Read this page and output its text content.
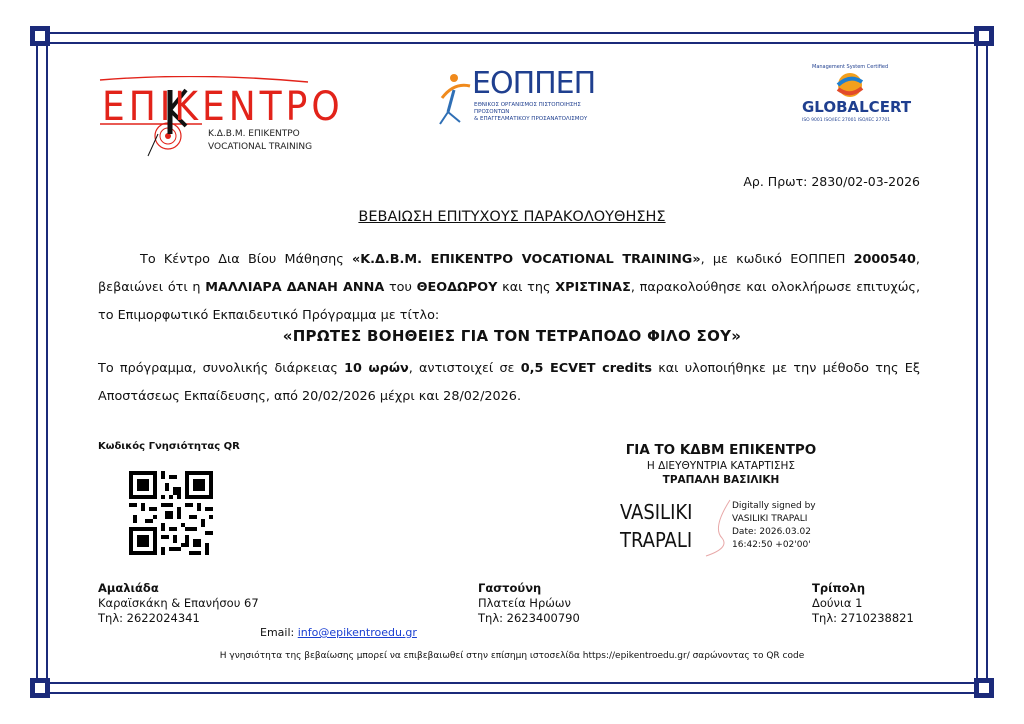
ΕΠΙΚΕΝΤΡΟ
Κ.Δ.Β.Μ. ΕΠΙΚΕΝΤΡΟ
VOCATIONAL TRAINING
ΕΟΠΠΕΠ
ΕΘΝΙΚΟΣ ΟΡΓΑΝΙΣΜΟΣ ΠΙΣΤΟΠΟΙΗΣΗΣ ΠΡΟΣΟΝΤΩΝ
& ΕΠΑΓΓΕΛΜΑΤΙΚΟΥ ΠΡΟΣΑΝΑΤΟΛΙΣΜΟΥ
Management System Certified
GLOBALCERT
ISO 9001 ISO/IEC 27001 ISO/IEC 27701
Αρ. Πρωτ: 2830/02-03-2026
ΒΕΒΑΙΩΣΗ ΕΠΙΤΥΧΟΥΣ ΠΑΡΑΚΟΛΟΥΘΗΣΗΣ
Το Κέντρο Δια Βίου Μάθησης «Κ.Δ.Β.Μ. ΕΠΙΚΕΝΤΡΟ VOCATIONAL TRAINING», με κωδικό ΕΟΠΠΕΠ 2000540, βεβαιώνει ότι η ΜΑΛΛΙΑΡΑ ΔΑΝΑΗ ΑΝΝΑ του ΘΕΟΔΩΡΟΥ και της ΧΡΙΣΤΙΝΑΣ, παρακολούθησε και ολοκλήρωσε επιτυχώς, το Επιμορφωτικό Εκπαιδευτικό Πρόγραμμα με τίτλο:
«ΠΡΩΤΕΣ ΒΟΗΘΕΙΕΣ ΓΙΑ ΤΟΝ ΤΕΤΡΑΠΟΔΟ ΦΙΛΟ ΣΟΥ»
Το πρόγραμμα, συνολικής διάρκειας 10 ωρών, αντιστοιχεί σε 0,5 ECVET credits και υλοποιήθηκε με την μέθοδο της Εξ Αποστάσεως Εκπαίδευσης, από 20/02/2026 μέχρι και 28/02/2026.
Κωδικός Γνησιότητας QR	ΓΙΑ ΤΟ ΚΔΒΜ ΕΠΙΚΕΝΤΡΟ
Η ΔΙΕΥΘΥΝΤΡΙΑ ΚΑΤΑΡΤΙΣΗΣ
ΤΡΑΠΑΛΗ ΒΑΣΙΛΙΚΗ
VASILIKI
TRAPALI
Digitally signed by
VASILIKI TRAPALI
Date: 2026.03.02
16:42:50 +02'00'
Αμαλιάδα
Καραϊσκάκη & Επανήσου 67
Τηλ: 2622024341
Γαστούνη
Πλατεία Ηρώων
Τηλ: 2623400790
Τρίπολη
Δούνια 1
Τηλ: 2710238821
Email: info@epikentroedu.gr
Η γνησιότητα της βεβαίωσης μπορεί να επιβεβαιωθεί στην επίσημη ιστοσελίδα https://epikentroedu.gr/ σαρώνοντας το QR code
